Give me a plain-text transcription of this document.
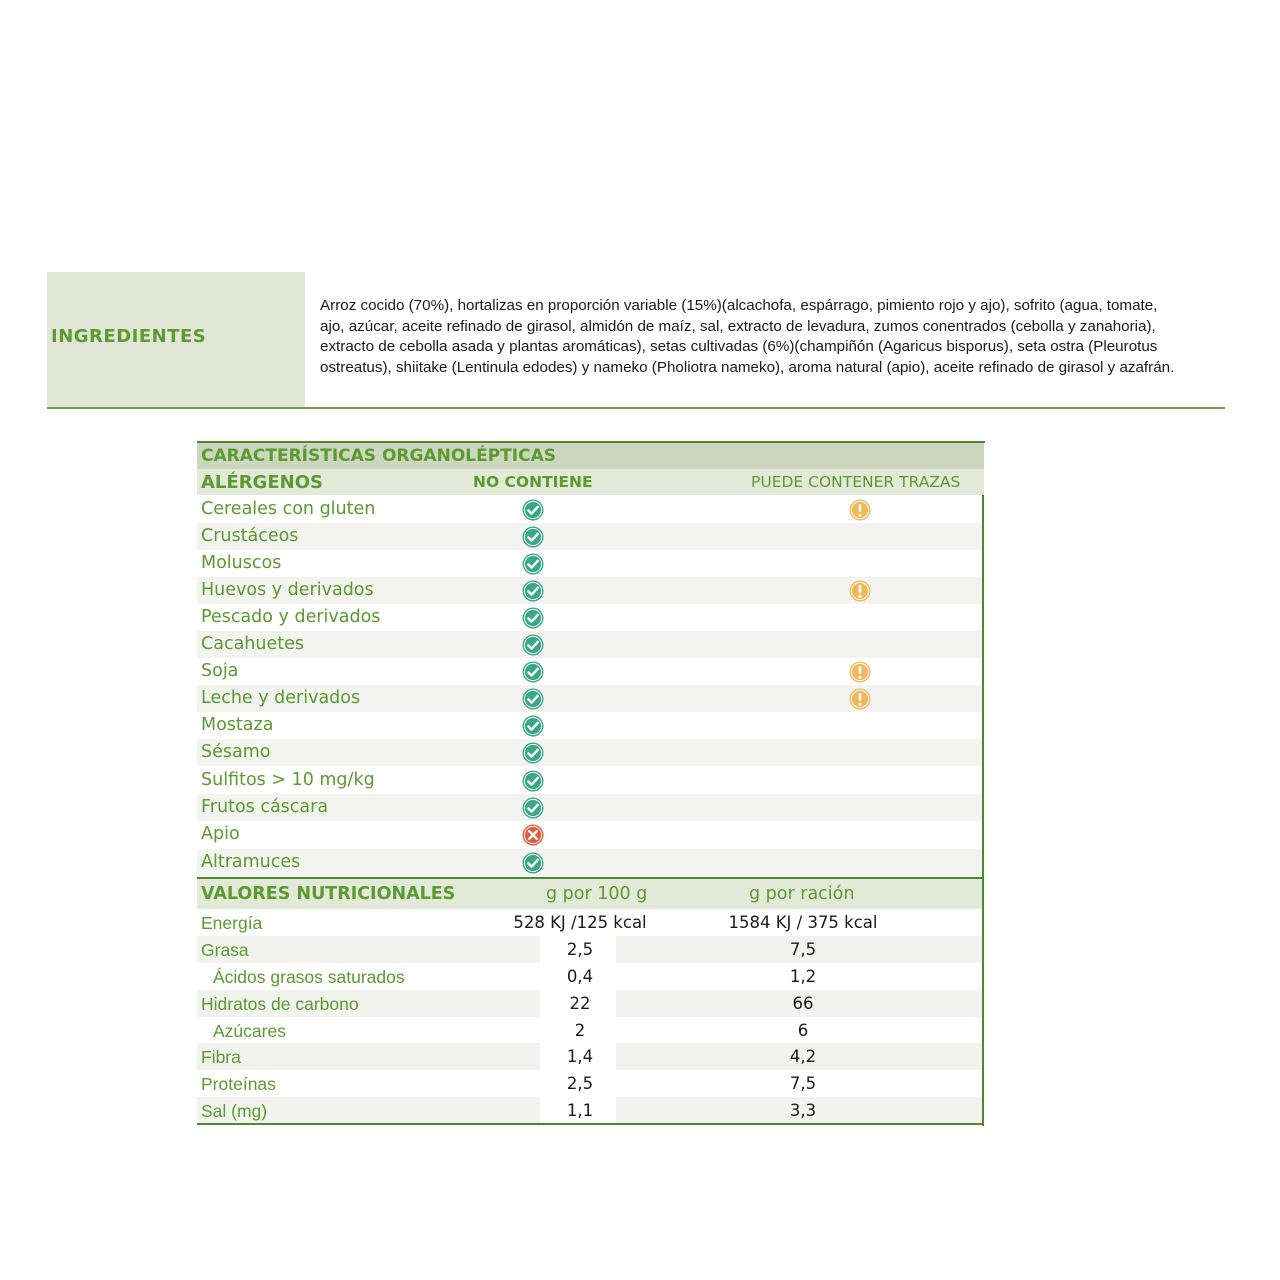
INGREDIENTES
Arroz cocido (70%), hortalizas en proporción variable (15%)(alcachofa, espárrago, pimiento rojo y ajo), sofrito (agua, tomate,
ajo, azúcar, aceite refinado de girasol, almidón de maíz, sal, extracto de levadura, zumos conentrados (cebolla y zanahoria),
extracto de cebolla asada y plantas aromáticas), setas cultivadas (6%)(champiñón (Agaricus bisporus), seta ostra (Pleurotus
ostreatus), shiitake (Lentinula edodes) y nameko (Pholiotra nameko), aroma natural (apio), aceite refinado de girasol y azafrán.
CARACTERÍSTICAS ORGANOLÉPTICAS
ALÉRGENOS	NO CONTIENE	PUEDE CONTENER TRAZAS
Cereales con gluten
Crustáceos
Moluscos
Huevos y derivados
Pescado y derivados
Cacahuetes
Soja
Leche y derivados
Mostaza
Sésamo
Sulfitos > 10 mg/kg
Frutos cáscara
Apio
Altramuces
VALORES NUTRICIONALES	g por 100 g	g por ración
Energía	528 KJ /125 kcal	1584 KJ / 375 kcal
Grasa	2,5	7,5
Ácidos grasos saturados	0,4	1,2
Hidratos de carbono	22	66
Azúcares	2	6
Fibra	1,4	4,2
Proteínas	2,5	7,5
Sal (mg)	1,1	3,3
